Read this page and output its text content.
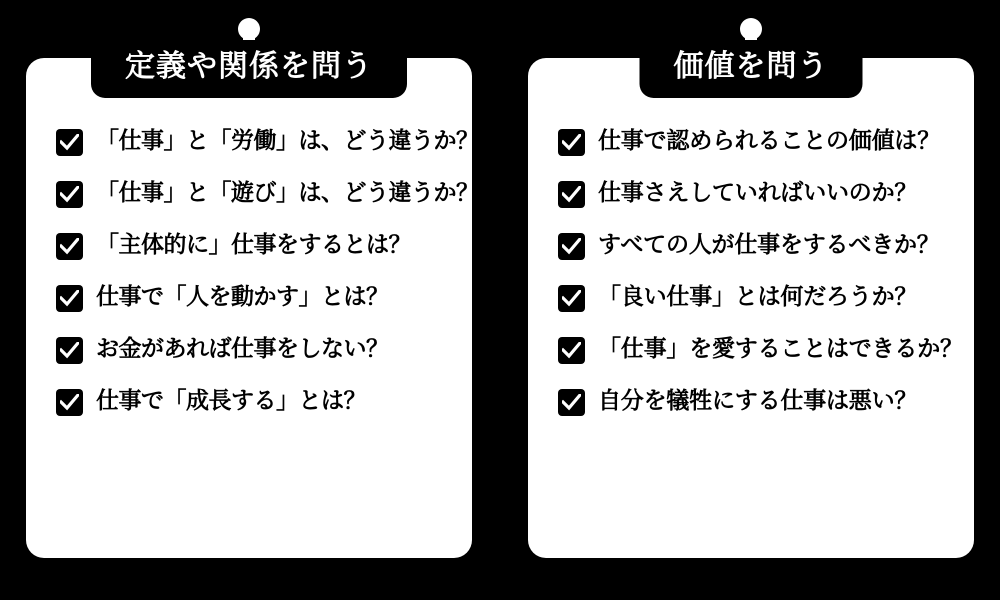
定義や関係を問う
「仕事」と「労働」は、どう違うか？
「仕事」と「遊び」は、どう違うか？
「主体的に」仕事をするとは？
仕事で「人を動かす」とは？
お金があれば仕事をしない？
仕事で「成長する」とは？
価値を問う
仕事で認められることの価値は？
仕事さえしていればいいのか？
すべての人が仕事をするべきか？
「良い仕事」とは何だろうか？
「仕事」を愛することはできるか？
自分を犠牲にする仕事は悪い？
